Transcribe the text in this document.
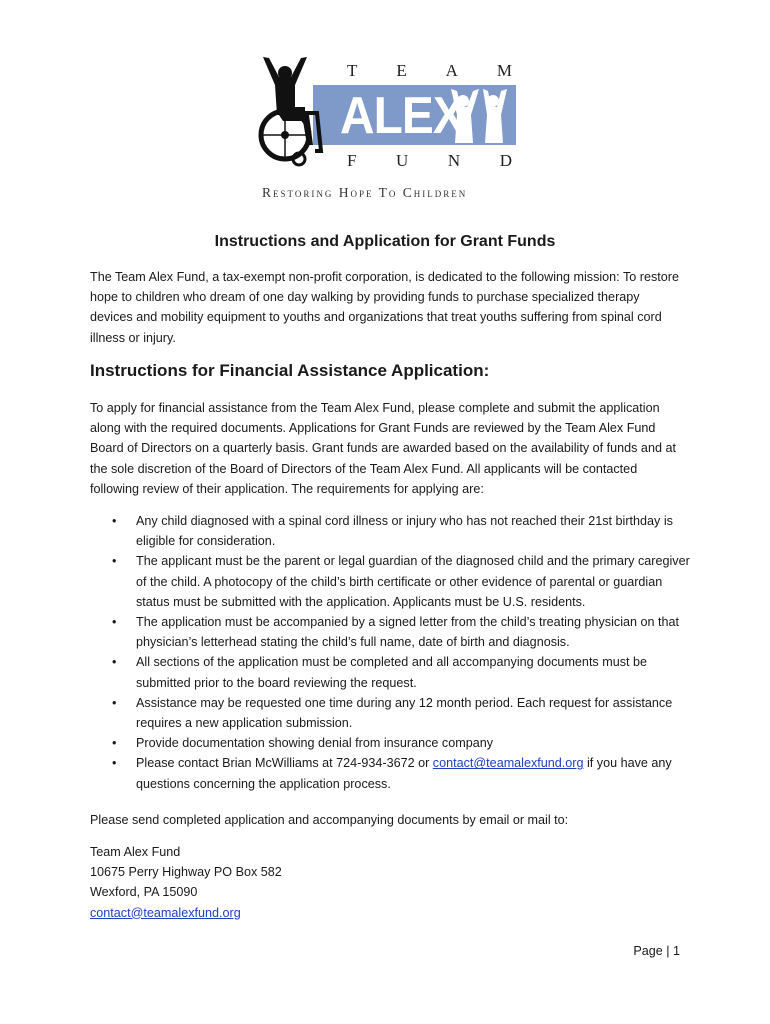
ALEX
T E A M
F U N D
Restoring Hope To Children
Instructions and Application for Grant Funds

The Team Alex Fund, a tax-exempt non-profit corporation, is dedicated to the following mission: To restore hope to children who dream of one day walking by providing funds to purchase specialized therapy devices and mobility equipment to youths and organizations that treat youths suffering from spinal cord illness or injury.

Instructions for Financial Assistance Application:

To apply for financial assistance from the Team Alex Fund, please complete and submit the application along with the required documents. Applications for Grant Funds are reviewed by the Team Alex Fund Board of Directors on a quarterly basis. Grant funds are awarded based on the availability of funds and at the sole discretion of the Board of Directors of the Team Alex Fund. All applicants will be contacted following review of their application. The requirements for applying are:

• Any child diagnosed with a spinal cord illness or injury who has not reached their 21st birthday is eligible for consideration.
• The applicant must be the parent or legal guardian of the diagnosed child and the primary caregiver of the child. A photocopy of the child’s birth certificate or other evidence of parental or guardian status must be submitted with the application. Applicants must be U.S. residents.
• The application must be accompanied by a signed letter from the child’s treating physician on that physician’s letterhead stating the child’s full name, date of birth and diagnosis.
• All sections of the application must be completed and all accompanying documents must be submitted prior to the board reviewing the request.
• Assistance may be requested one time during any 12 month period. Each request for assistance requires a new application submission.
• Provide documentation showing denial from insurance company
• Please contact Brian McWilliams at 724-934-3672 or contact@teamalexfund.org if you have any questions concerning the application process.

Please send completed application and accompanying documents by email or mail to:

Team Alex Fund
10675 Perry Highway PO Box 582
Wexford, PA 15090
contact@teamalexfund.org
Page | 1
